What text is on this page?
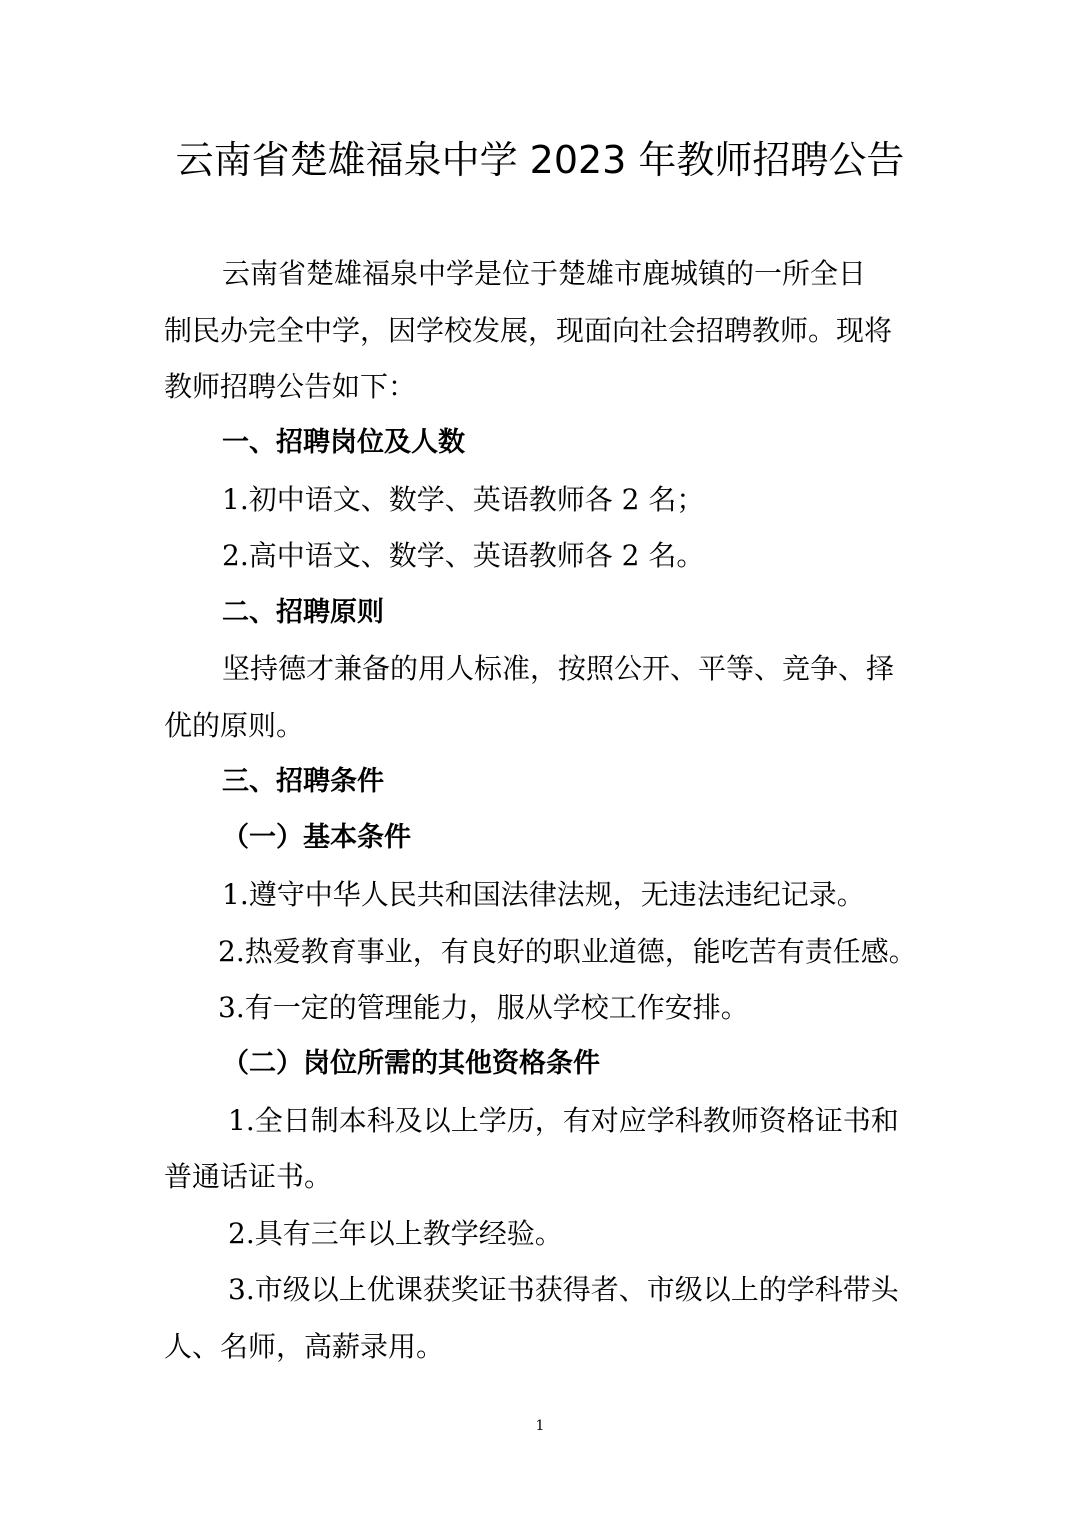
云南省楚雄福泉中学 2023 年教师招聘公告

云南省楚雄福泉中学是位于楚雄市鹿城镇的一所全日

制民办完全中学，因学校发展，现面向社会招聘教师。现将

教师招聘公告如下：

一、招聘岗位及人数

1.初中语文、数学、英语教师各 2 名；

2.高中语文、数学、英语教师各 2 名。

二、招聘原则

坚持德才兼备的用人标准，按照公开、平等、竞争、择

优的原则。

三、招聘条件

（一）基本条件

1.遵守中华人民共和国法律法规，无违法违纪记录。

2.热爱教育事业，有良好的职业道德，能吃苦有责任感。

3.有一定的管理能力，服从学校工作安排。

（二）岗位所需的其他资格条件

1.全日制本科及以上学历，有对应学科教师资格证书和

普通话证书。

2.具有三年以上教学经验。

3.市级以上优课获奖证书获得者、市级以上的学科带头

人、名师，高薪录用。

1
